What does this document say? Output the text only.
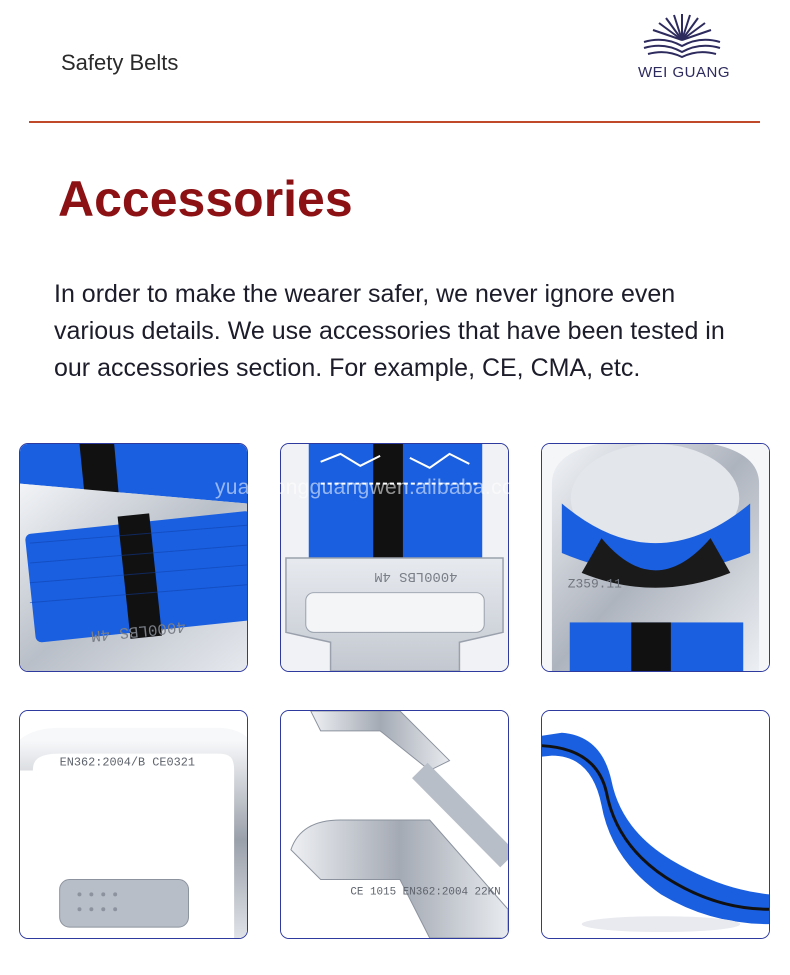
Safety Belts	WEI GUANG
Accessories

In order to make the wearer safer, we never ignore even various details. We use accessories that have been tested in our accessories section. For example, CE, CMA, etc.

4000LBS 4M
4000LBS 4M
Z359.11
EN362:2004/B CE0321
CE 1015 EN362:2004 22KN
yuandongguangwen.alibaba.com
